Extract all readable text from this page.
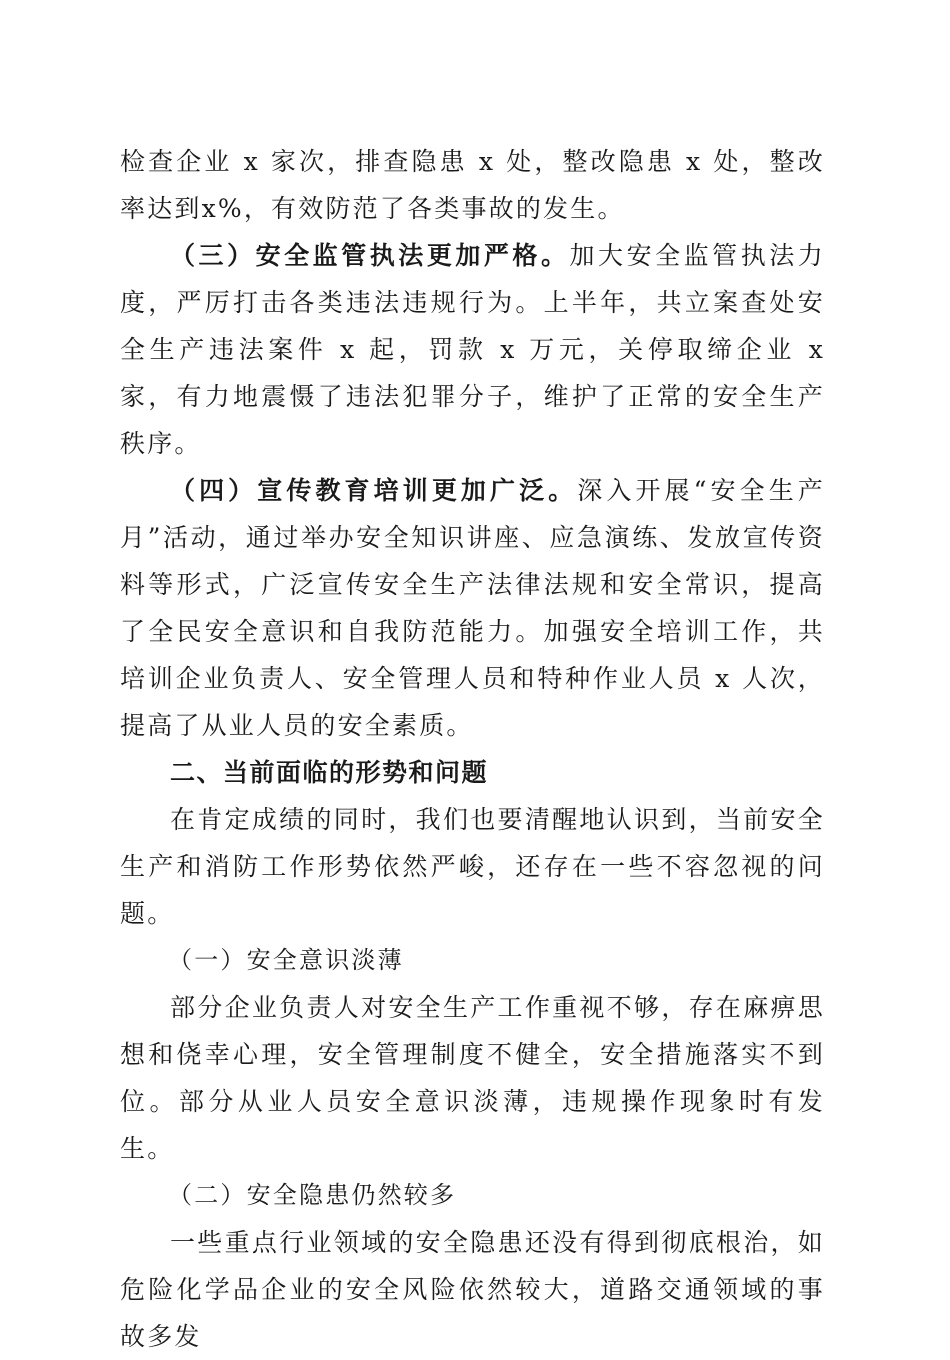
检查企业 x 家次，排查隐患 x 处，整改隐患 x 处，整改率达到x%，有效防范了各类事故的发生。

（三）安全监管执法更加严格。加大安全监管执法力度，严厉打击各类违法违规行为。上半年，共立案查处安全生产违法案件 x 起，罚款 x 万元，关停取缔企业 x 家，有力地震慑了违法犯罪分子，维护了正常的安全生产秩序。

（四）宣传教育培训更加广泛。深入开展“安全生产月”活动，通过举办安全知识讲座、应急演练、发放宣传资料等形式，广泛宣传安全生产法律法规和安全常识，提高了全民安全意识和自我防范能力。加强安全培训工作，共培训企业负责人、安全管理人员和特种作业人员 x 人次，提高了从业人员的安全素质。

二、当前面临的形势和问题

在肯定成绩的同时，我们也要清醒地认识到，当前安全生产和消防工作形势依然严峻，还存在一些不容忽视的问题。

（一）安全意识淡薄

部分企业负责人对安全生产工作重视不够，存在麻痹思想和侥幸心理，安全管理制度不健全，安全措施落实不到位。部分从业人员安全意识淡薄，违规操作现象时有发生。

（二）安全隐患仍然较多

一些重点行业领域的安全隐患还没有得到彻底根治，如危险化学品企业的安全风险依然较大，道路交通领域的事故多发
